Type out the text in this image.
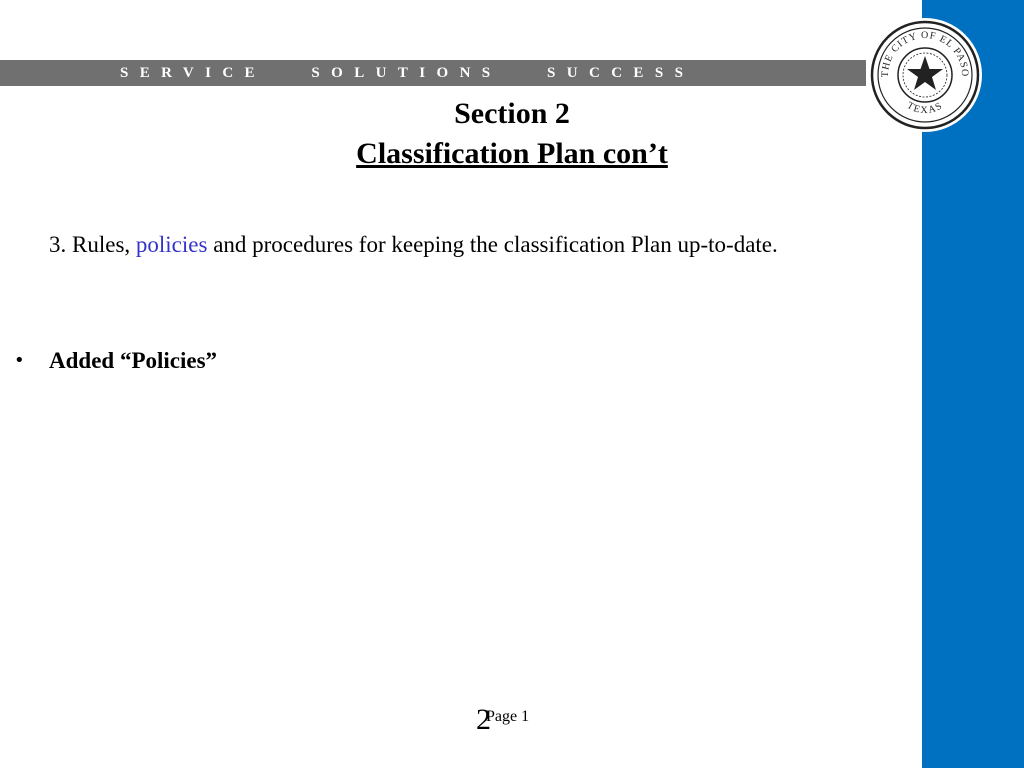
SERVICE   SOLUTIONS   SUCCESS	THE CITY OF EL PASO
TEXAS
Section 2
Classification Plan con’t
3. Rules, policies and procedures for keeping the classification Plan up-to-date.
•	Added “Policies”
2
Page 1
